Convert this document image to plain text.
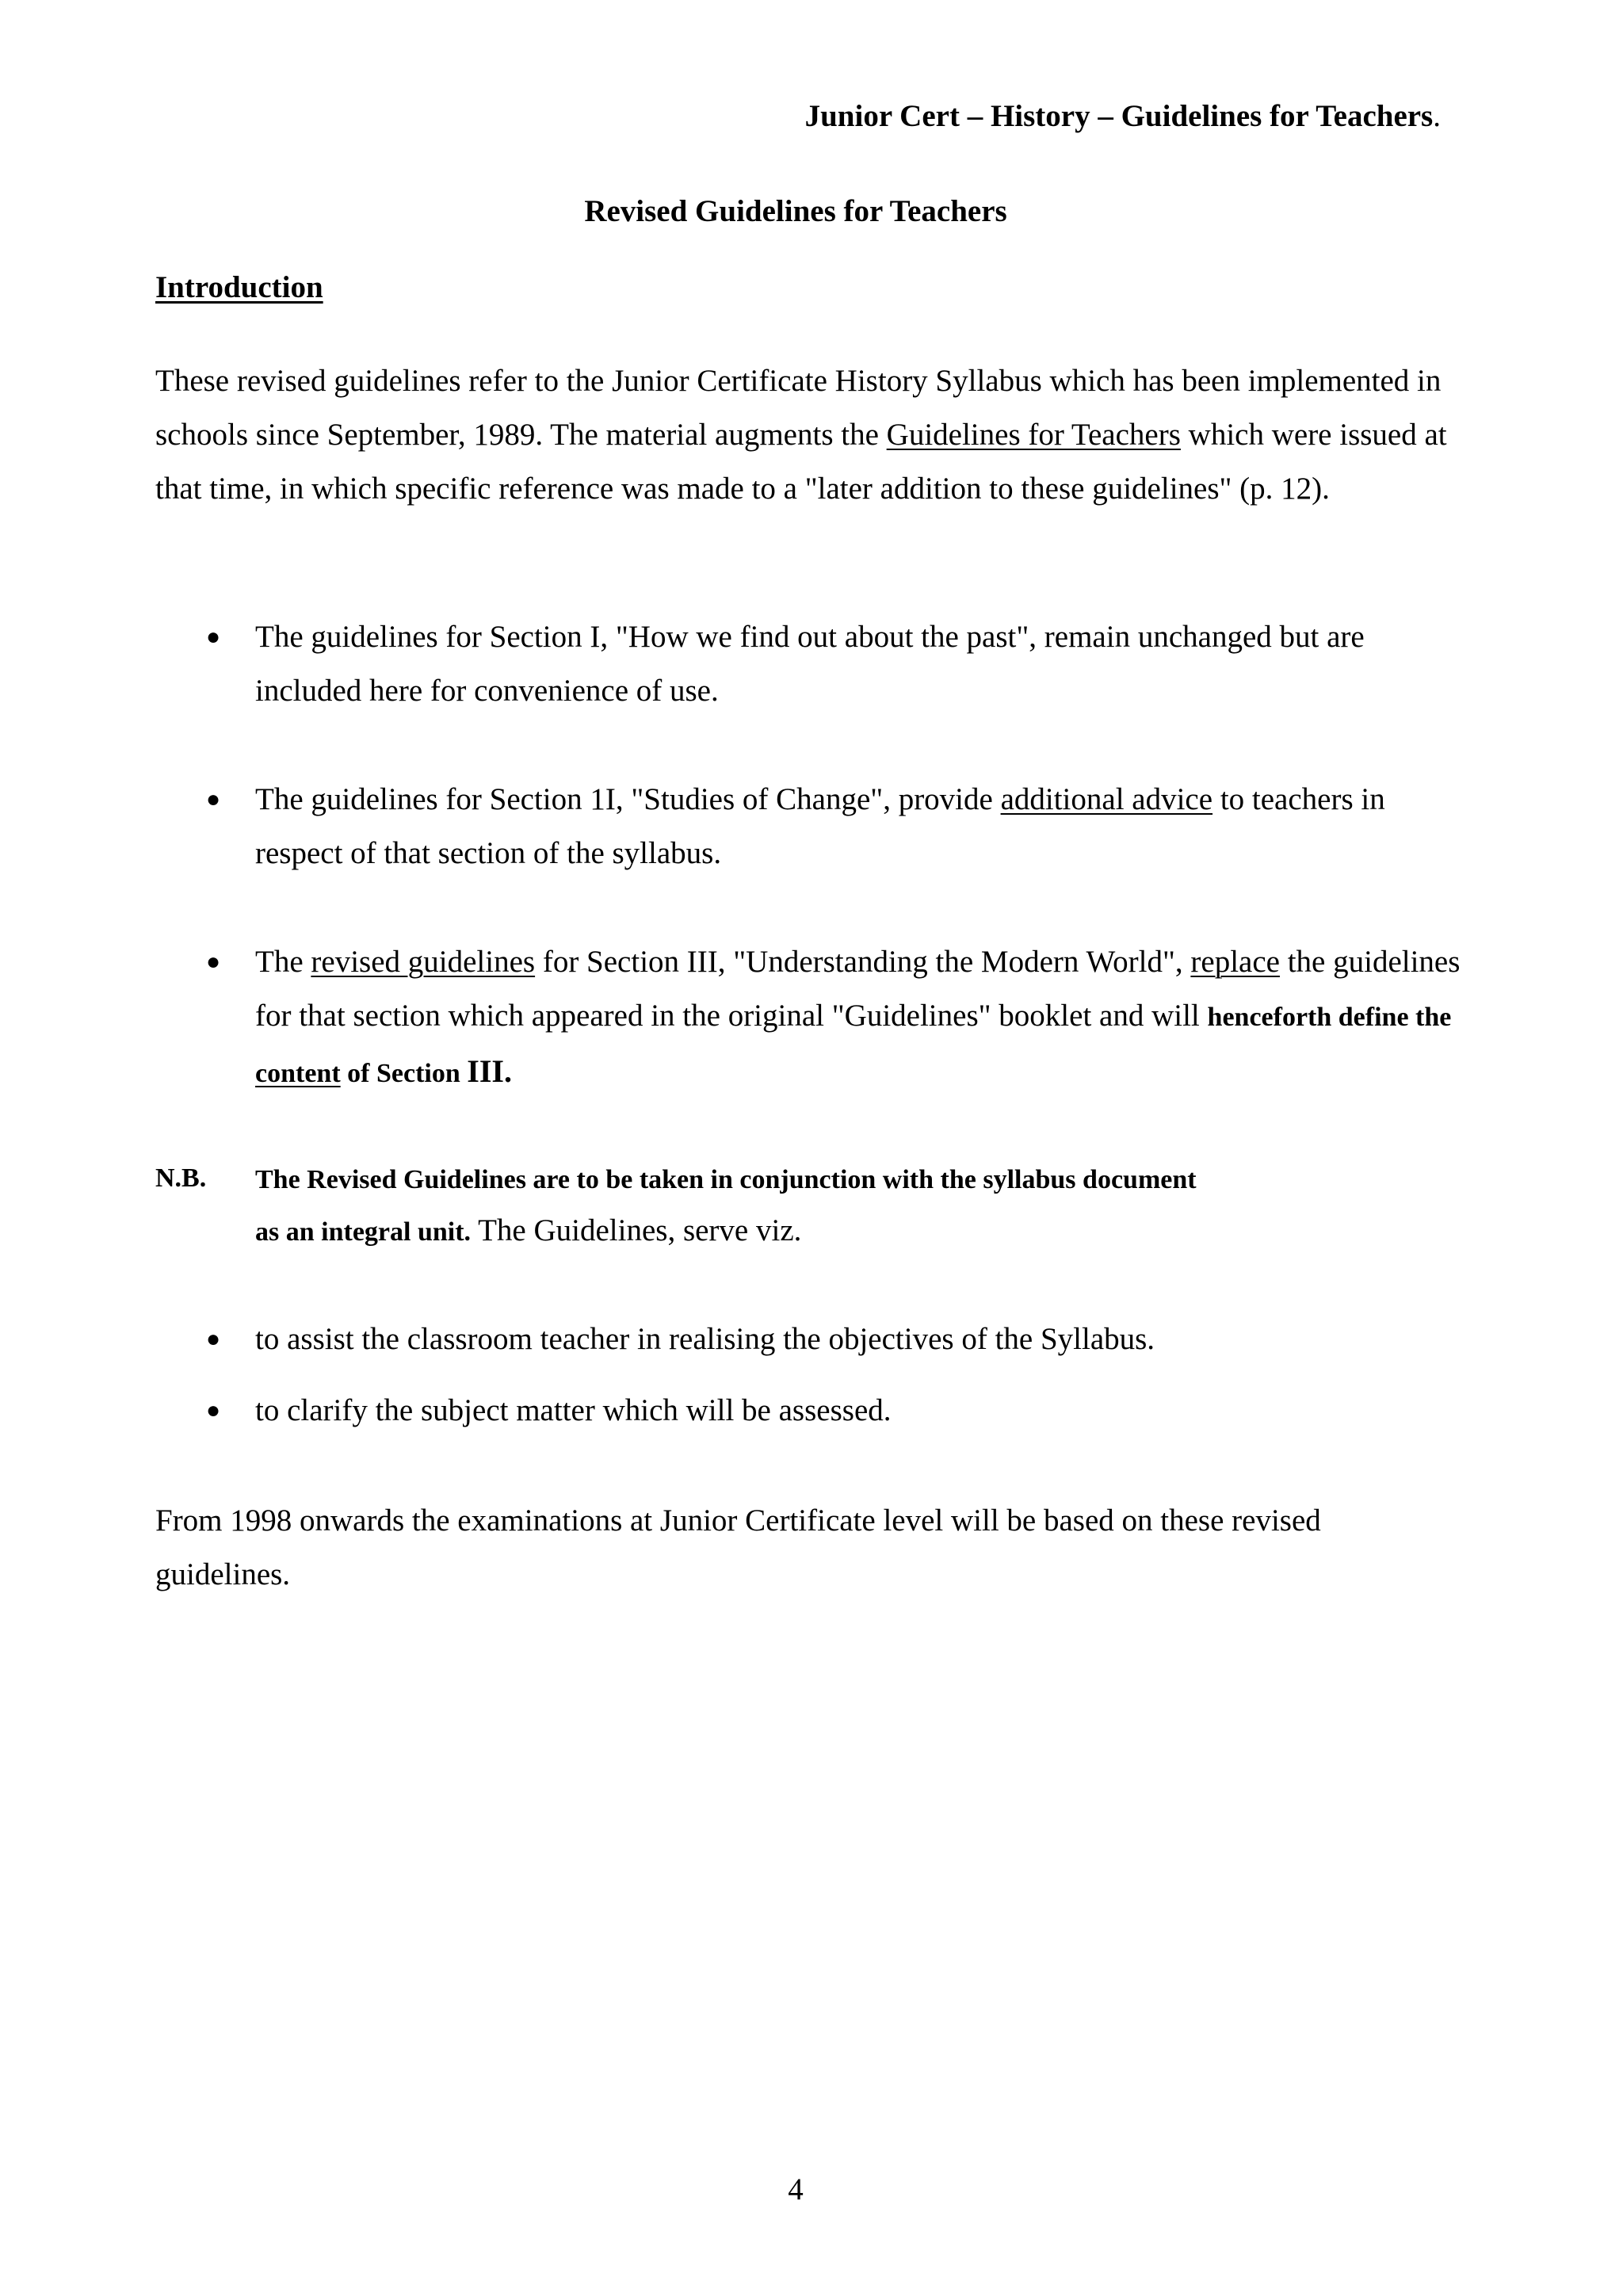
Junior Cert – History – Guidelines for Teachers.
Revised Guidelines for Teachers
Introduction

These revised guidelines refer to the Junior Certificate History Syllabus which has been implemented in schools since September, 1989. The material augments the Guidelines for Teachers which were issued at that time, in which specific reference was made to a "later addition to these guidelines" (p. 12).

● The guidelines for Section I, "How we find out about the past", remain unchanged but are included here for convenience of use.
● The guidelines for Section 1I, "Studies of Change", provide additional advice to teachers in respect of that section of the syllabus.
● The revised guidelines for Section III, "Understanding the Modern World", replace the guidelines for that section which appeared in the original "Guidelines" booklet and will henceforth define the content of Section III.
N.B. The Revised Guidelines are to be taken in conjunction with the syllabus document
as an integral unit. The Guidelines, serve viz.
● to assist the classroom teacher in realising the objectives of the Syllabus.
● to clarify the subject matter which will be assessed.

From 1998 onwards the examinations at Junior Certificate level will be based on these revised guidelines.

4
